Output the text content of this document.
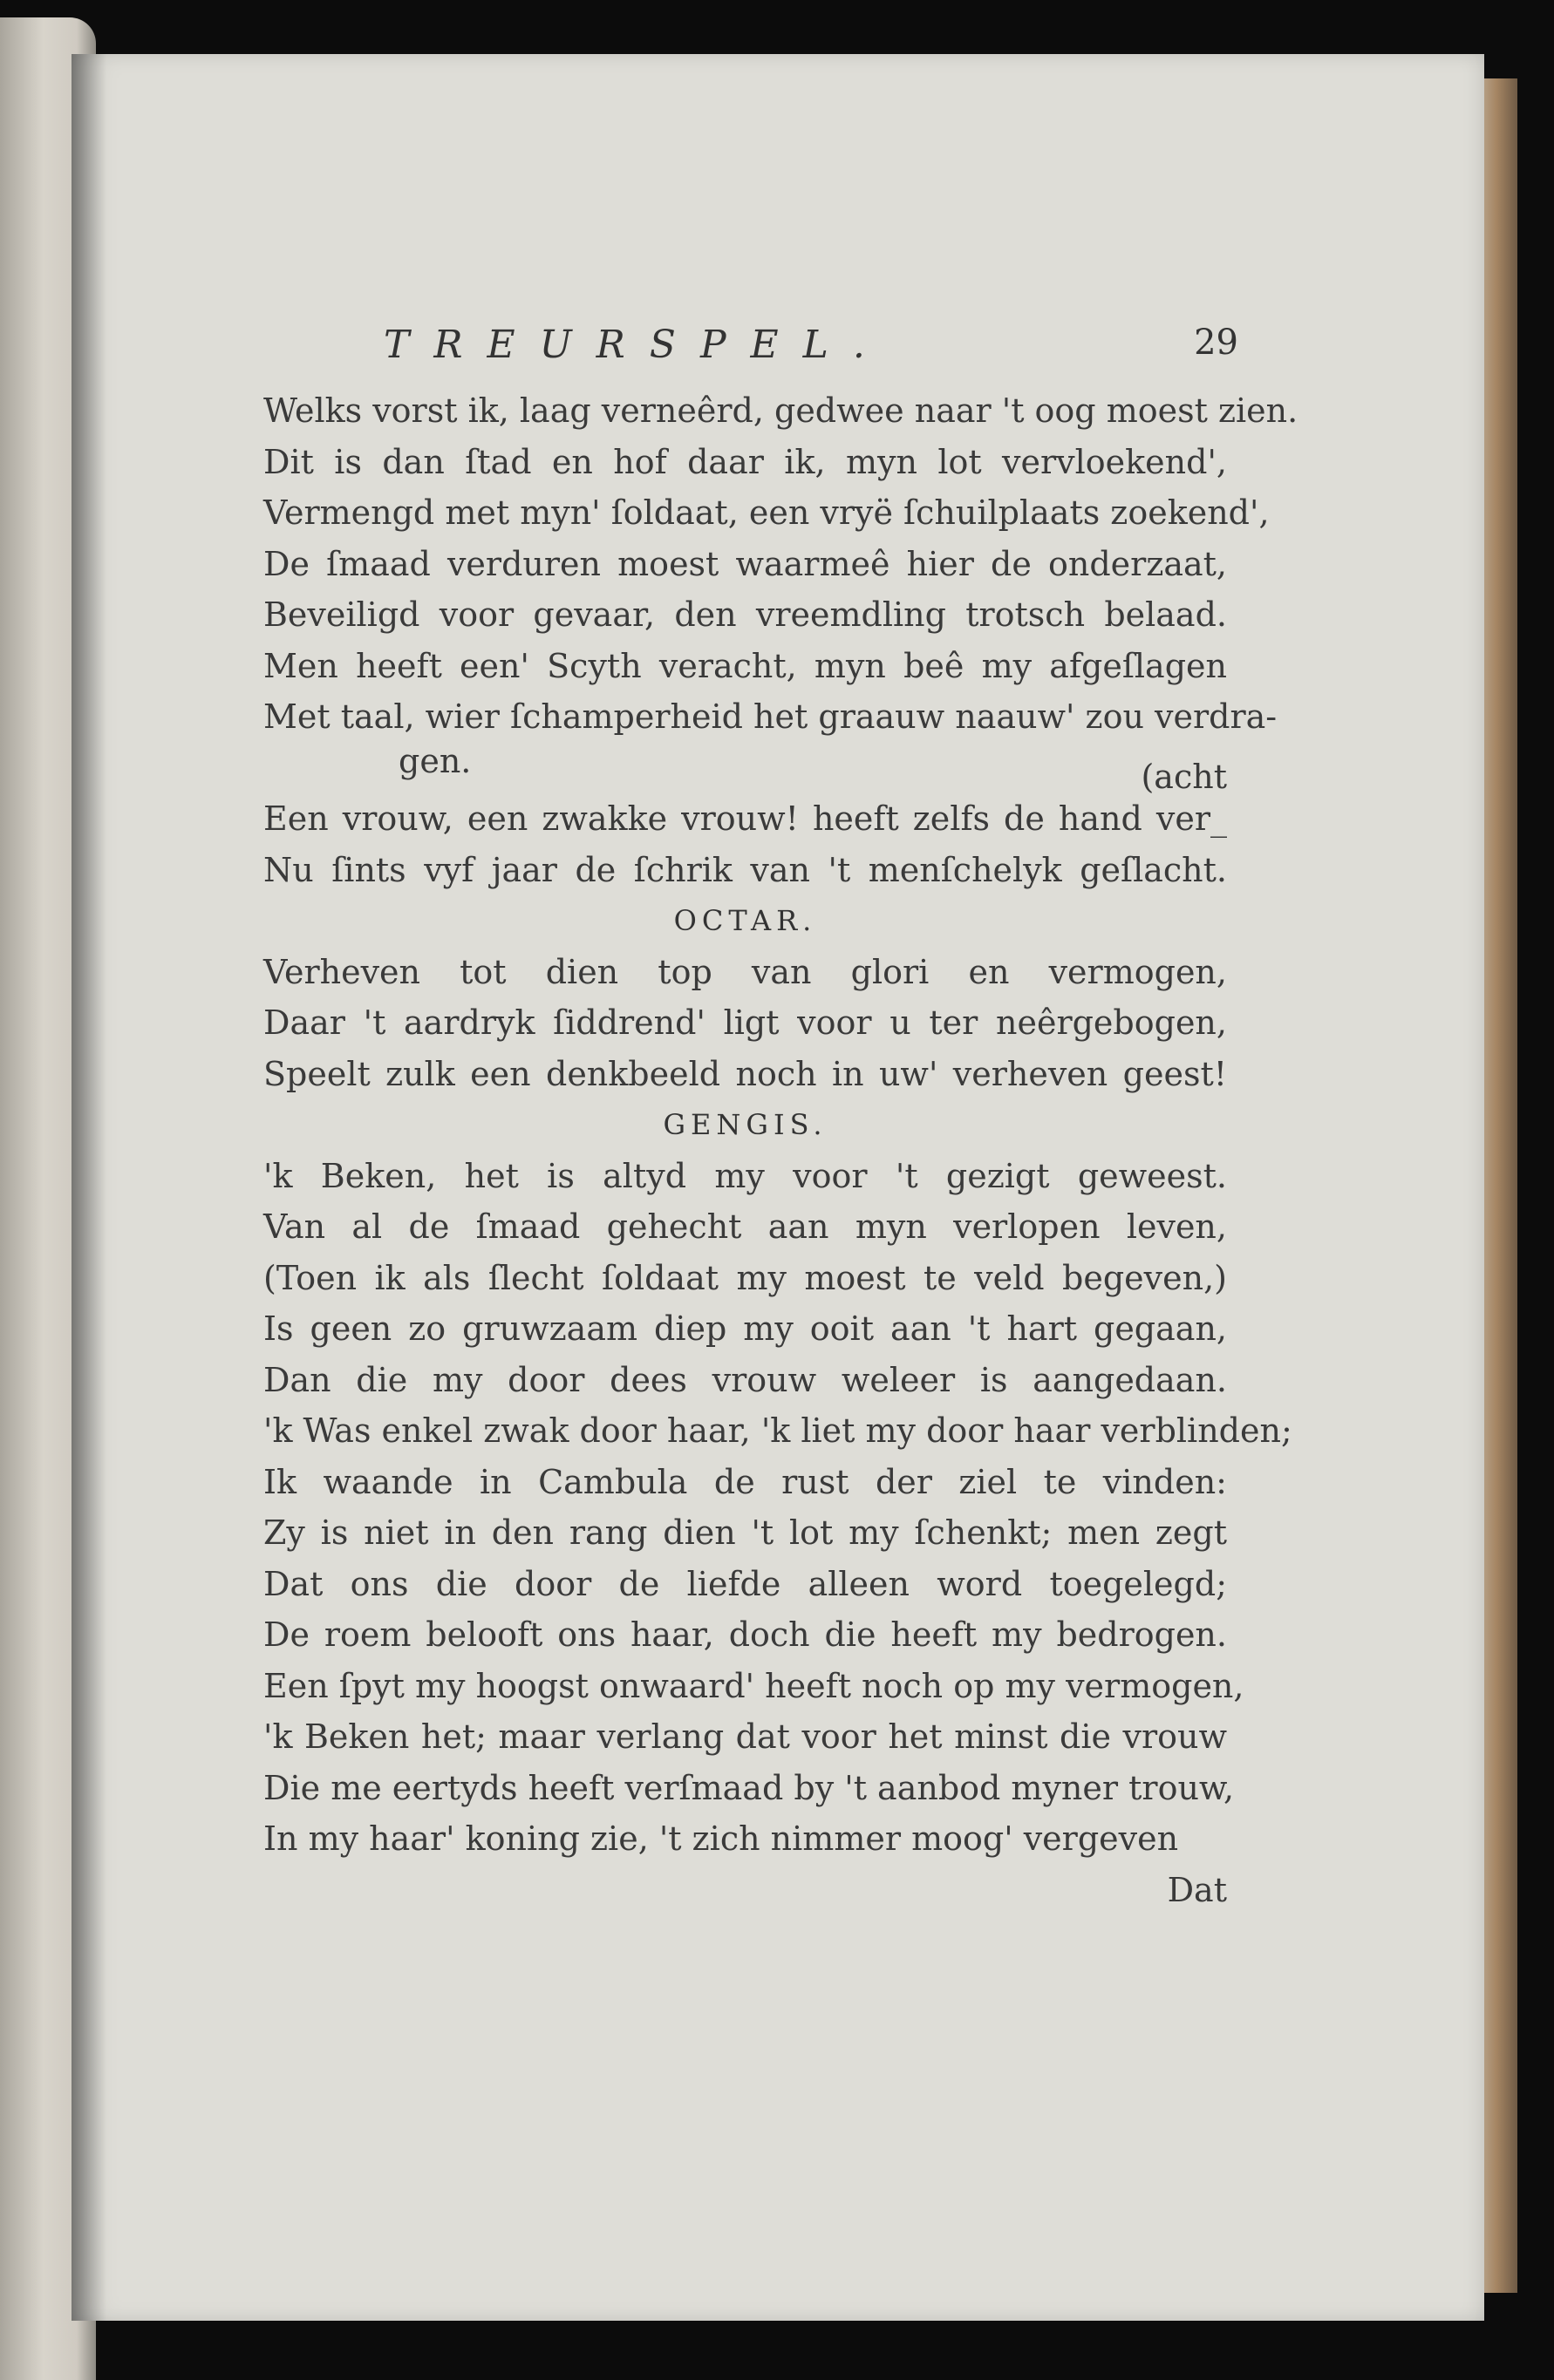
TREURSPEL.	29
Welks vorst ik, laag verneêrd, gedwee naar 't oog moest zien.
Dit is dan ſtad en hof daar ik, myn lot vervloekend',
Vermengd met myn' ſoldaat, een vryë ſchuilplaats zoekend',
De ſmaad verduren moest waarmeê hier de onderzaat,
Beveiligd voor gevaar, den vreemdling trotsch belaad.
Men heeft een' Scyth veracht, myn beê my afgeſlagen
Met taal, wier ſchamperheid het graauw naauw' zou verdra-
gen.	(acht
Een vrouw, een zwakke vrouw! heeft zelfs de hand ver_
Nu ſints vyf jaar de ſchrik van 't menſchelyk geſlacht.
OCTAR.
Verheven tot dien top van glori en vermogen,
Daar 't aardryk ſiddrend' ligt voor u ter neêrgebogen,
Speelt zulk een denkbeeld noch in uw' verheven geest!
GENGIS.
'k Beken, het is altyd my voor 't gezigt geweest.
Van al de ſmaad gehecht aan myn verlopen leven,
(Toen ik als ſlecht ſoldaat my moest te veld begeven,)
Is geen zo gruwzaam diep my ooit aan 't hart gegaan,
Dan die my door dees vrouw weleer is aangedaan.
'k Was enkel zwak door haar, 'k liet my door haar verblinden;
Ik waande in Cambula de rust der ziel te vinden:
Zy is niet in den rang dien 't lot my ſchenkt; men zegt
Dat ons die door de liefde alleen word toegelegd;
De roem belooft ons haar, doch die heeft my bedrogen.
Een ſpyt my hoogst onwaard' heeft noch op my vermogen,
'k Beken het; maar verlang dat voor het minst die vrouw
Die me eertyds heeft verſmaad by 't aanbod myner trouw,
In my haar' koning zie, 't zich nimmer moog' vergeven
Dat
